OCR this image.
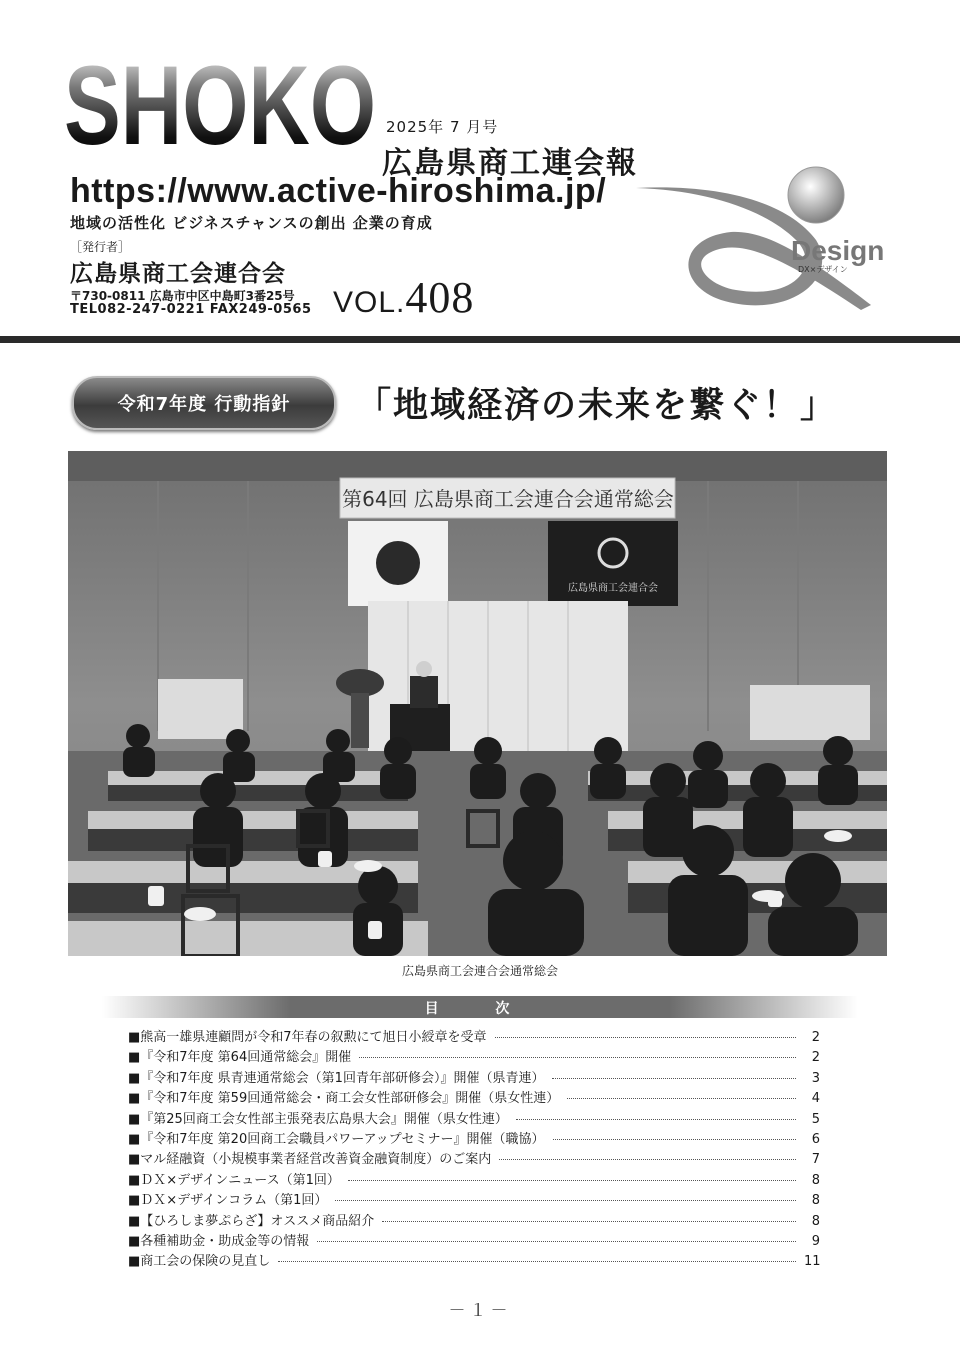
SHOKO 2025年 7 月号
広島県商工連会報
https://www.active-hiroshima.jp/
地域の活性化 ビジネスチャンスの創出 企業の育成
［発行者］
広島県商工会連合会
〒730-0811 広島市中区中島町3番25号
TEL082-247-0221 FAX249-0565 VOL.408
Design
DX×デザイン
令和7年度 行動指針	「地域経済の未来を繋ぐ！」
第64回 広島県商工会連合会通常総会
広島県商工会連合会
広島県商工会連合会通常総会
目 次
■熊高一雄県連顧問が令和7年春の叙勲にて旭日小綬章を受章	2
■『令和7年度 第64回通常総会』開催	2
■『令和7年度 県青連通常総会（第1回青年部研修会）』開催（県青連）	3
■『令和7年度 第59回通常総会・商工会女性部研修会』開催（県女性連）	4
■『第25回商工会女性部主張発表広島県大会』開催（県女性連）	5
■『令和7年度 第20回商工会職員パワーアップセミナー』開催（職協）	6
■マル経融資（小規模事業者経営改善資金融資制度）のご案内	7
■ＤＸ×デザインニュース（第1回）	8
■ＤＸ×デザインコラム（第1回）	8
■【ひろしま夢ぷらざ】オススメ商品紹介	8
■各種補助金・助成金等の情報	9
■商工会の保険の見直し	11
－１－
